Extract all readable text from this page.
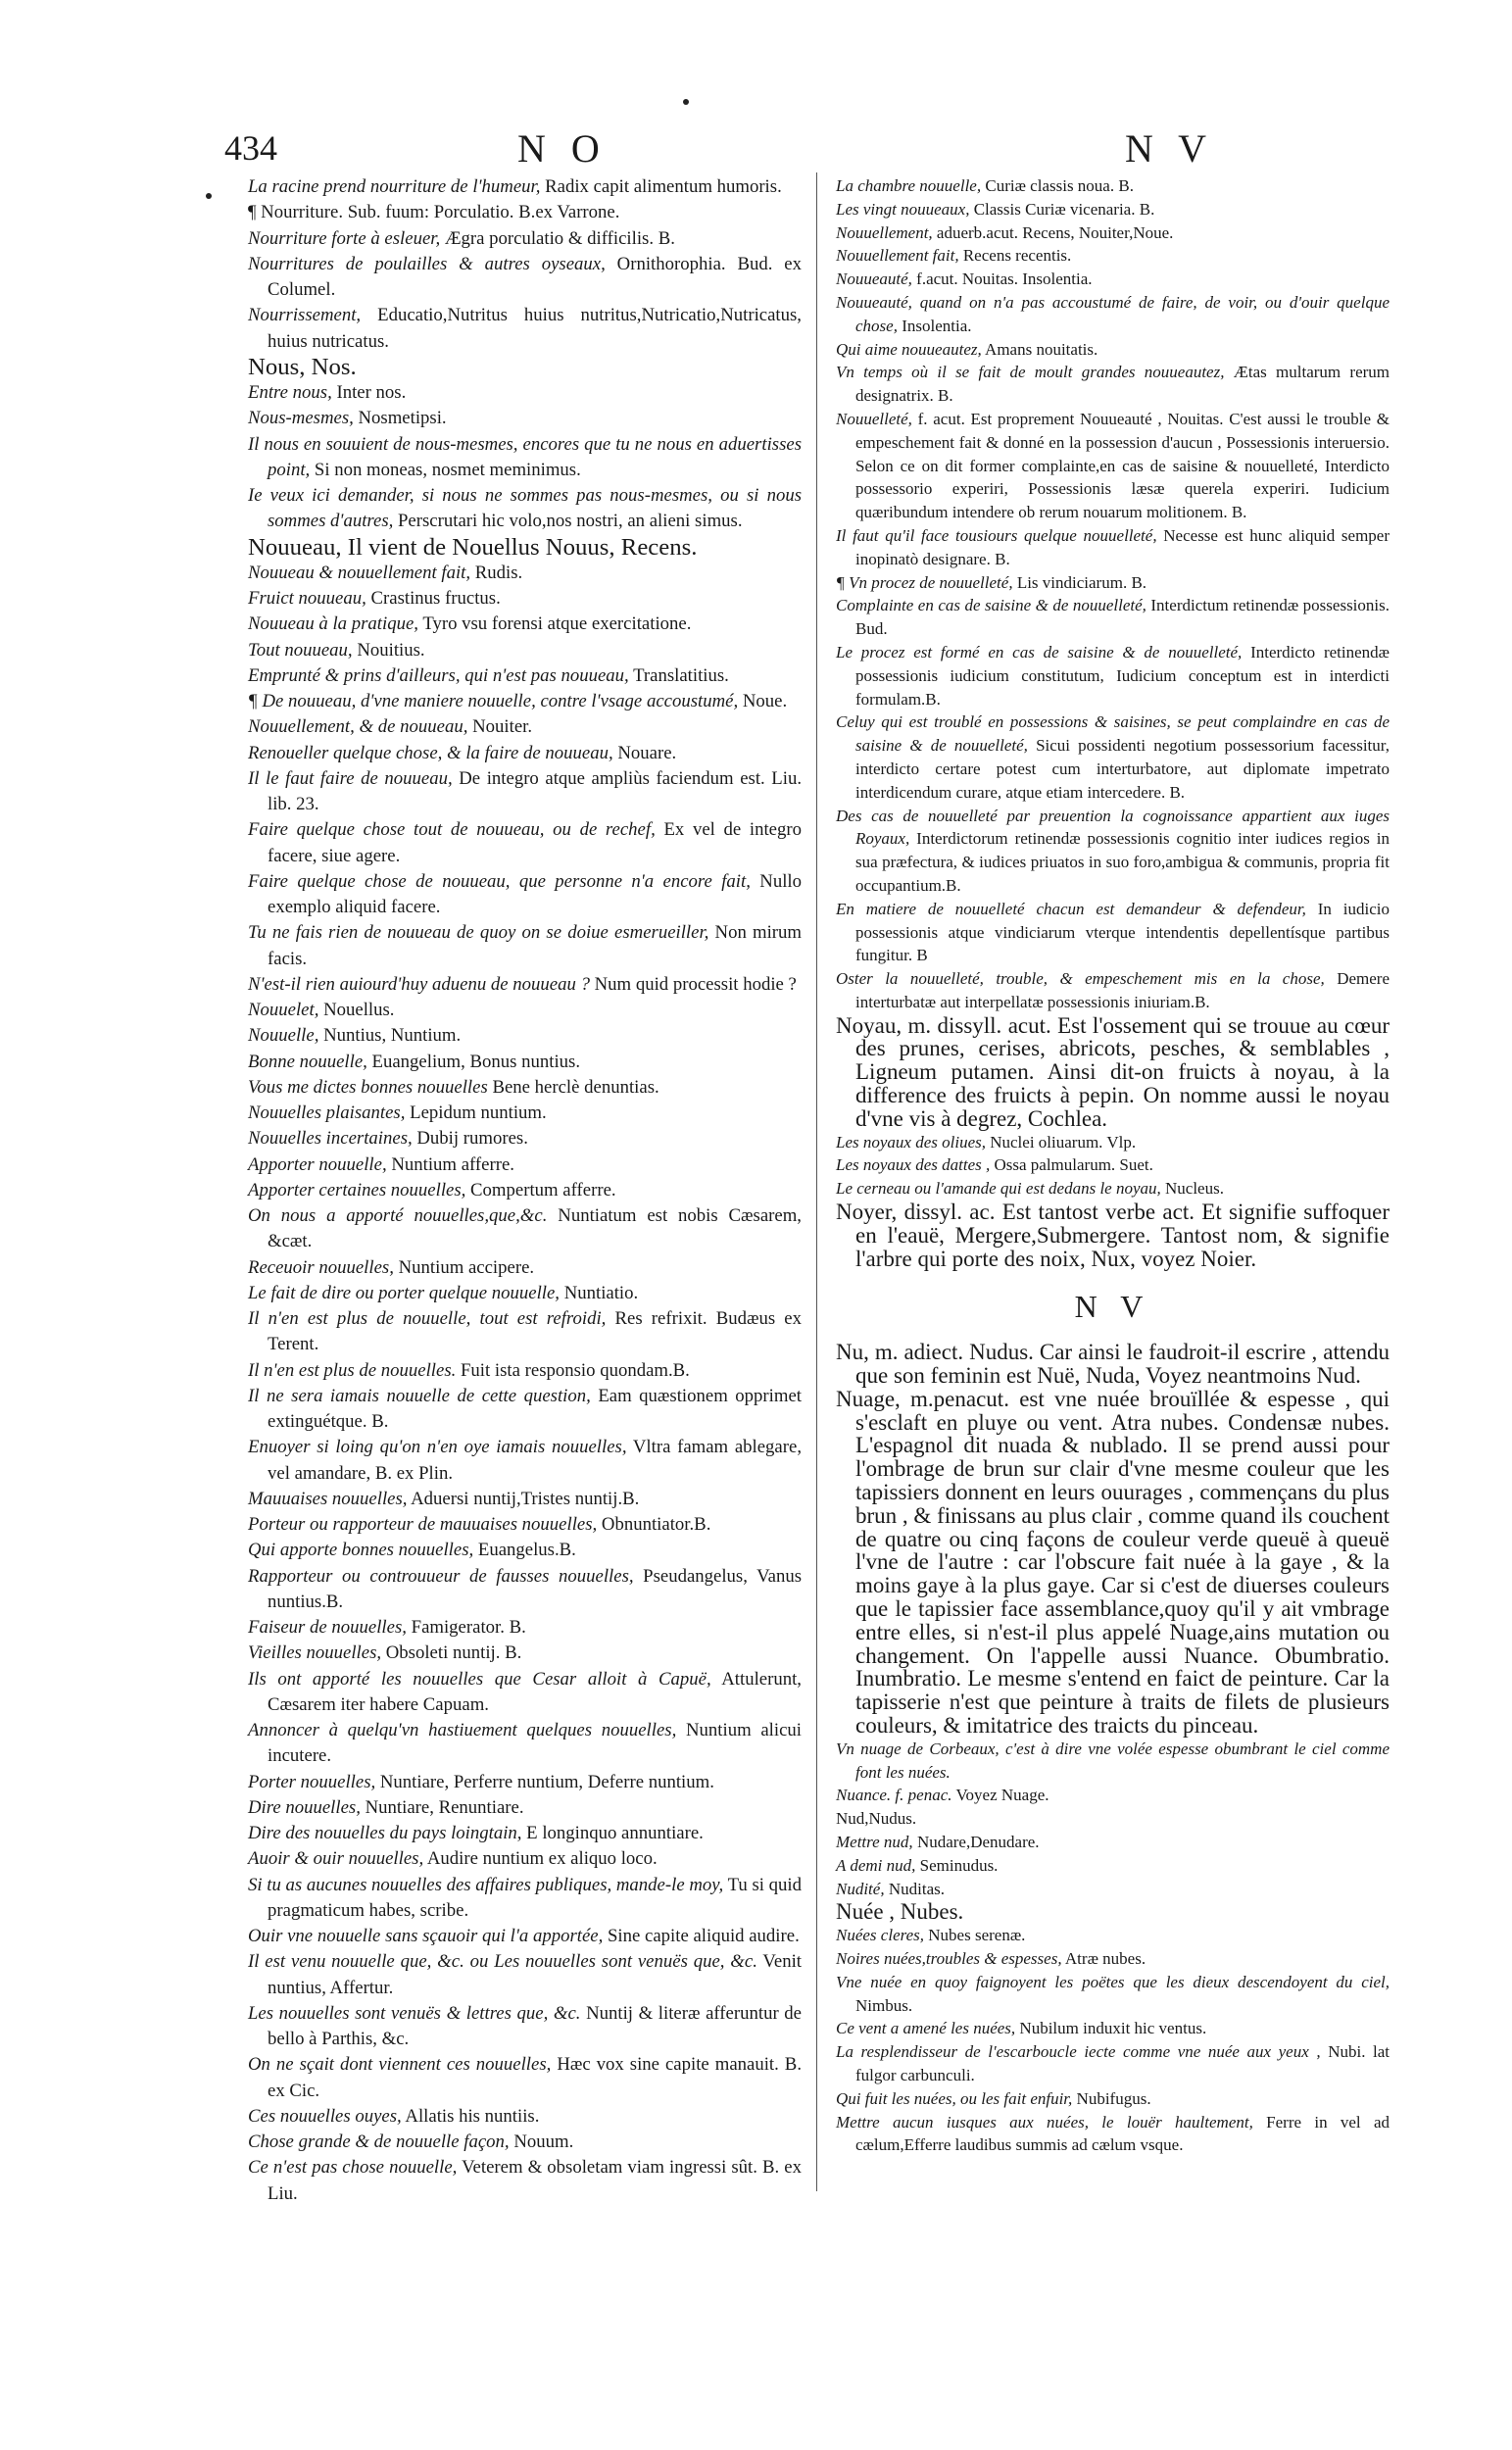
434	N O	N V

La racine prend nourriture de l'humeur, Radix capit alimentum humoris.

¶ Nourriture. Sub. fuum: Porculatio. B.ex Varrone.

Nourriture forte à esleuer, Ægra porculatio & difficilis. B.

Nourritures de poulailles & autres oyseaux, Ornithorophia. Bud. ex Columel.

Nourrissement, Educatio,Nutritus huius nutritus,Nutricatio,Nutricatus, huius nutricatus.

Nous, Nos.

Entre nous, Inter nos.

Nous-mesmes, Nosmetipsi.

Il nous en souuient de nous-mesmes, encores que tu ne nous en aduertisses point, Si non moneas, nosmet meminimus.

Ie veux ici demander, si nous ne sommes pas nous-mesmes, ou si nous sommes d'autres, Perscrutari hic volo,nos nostri, an alieni simus.

Nouueau, Il vient de Nouellus Nouus, Recens.

Nouueau & nouuellement fait, Rudis.

Fruict nouueau, Crastinus fructus.

Nouueau à la pratique, Tyro vsu forensi atque exercitatione.

Tout nouueau, Nouitius.

Emprunté & prins d'ailleurs, qui n'est pas nouueau, Translatitius.

¶ De nouueau, d'vne maniere nouuelle, contre l'vsage accoustumé, Noue.

Nouuellement, & de nouueau, Nouiter.

Renoueller quelque chose, & la faire de nouueau, Nouare.

Il le faut faire de nouueau, De integro atque ampliùs faciendum est. Liu. lib. 23.

Faire quelque chose tout de nouueau, ou de rechef, Ex vel de integro facere, siue agere.

Faire quelque chose de nouueau, que personne n'a encore fait, Nullo exemplo aliquid facere.

Tu ne fais rien de nouueau de quoy on se doiue esmerueiller, Non mirum facis.

N'est-il rien auiourd'huy aduenu de nouueau ? Num quid processit hodie ?

Nouuelet, Nouellus.

Nouuelle, Nuntius, Nuntium.

Bonne nouuelle, Euangelium, Bonus nuntius.

Vous me dictes bonnes nouuelles Bene herclè denuntias.

Nouuelles plaisantes, Lepidum nuntium.

Nouuelles incertaines, Dubij rumores.

Apporter nouuelle, Nuntium afferre.

Apporter certaines nouuelles, Compertum afferre.

On nous a apporté nouuelles,que,&c. Nuntiatum est nobis Cæsarem, &cæt.

Receuoir nouuelles, Nuntium accipere.

Le fait de dire ou porter quelque nouuelle, Nuntiatio.

Il n'en est plus de nouuelle, tout est refroidi, Res refrixit. Budæus ex Terent.

Il n'en est plus de nouuelles. Fuit ista responsio quondam.B.

Il ne sera iamais nouuelle de cette question, Eam quæstionem opprimet extinguétque. B.

Enuoyer si loing qu'on n'en oye iamais nouuelles, Vltra famam ablegare, vel amandare, B. ex Plin.

Mauuaises nouuelles, Aduersi nuntij,Tristes nuntij.B.

Porteur ou rapporteur de mauuaises nouuelles, Obnuntiator.B.

Qui apporte bonnes nouuelles, Euangelus.B.

Rapporteur ou controuueur de fausses nouuelles, Pseudangelus, Vanus nuntius.B.

Faiseur de nouuelles, Famigerator. B.

Vieilles nouuelles, Obsoleti nuntij. B.

Ils ont apporté les nouuelles que Cesar alloit à Capuë, Attulerunt, Cæsarem iter habere Capuam.

Annoncer à quelqu'vn hastiuement quelques nouuelles, Nuntium alicui incutere.

Porter nouuelles, Nuntiare, Perferre nuntium, Deferre nuntium.

Dire nouuelles, Nuntiare, Renuntiare.

Dire des nouuelles du pays loingtain, E longinquo annuntiare.

Auoir & ouir nouuelles, Audire nuntium ex aliquo loco.

Si tu as aucunes nouuelles des affaires publiques, mande-le moy, Tu si quid pragmaticum habes, scribe.

Ouir vne nouuelle sans sçauoir qui l'a apportée, Sine capite aliquid audire.

Il est venu nouuelle que, &c. ou Les nouuelles sont venuës que, &c. Venit nuntius, Affertur.

Les nouuelles sont venuës & lettres que, &c. Nuntij & literæ afferuntur de bello à Parthis, &c.

On ne sçait dont viennent ces nouuelles, Hæc vox sine capite manauit. B. ex Cic.

Ces nouuelles ouyes, Allatis his nuntiis.

Chose grande & de nouuelle façon, Nouum.

Ce n'est pas chose nouuelle, Veterem & obsoletam viam ingressi sût. B. ex Liu.

La chambre nouuelle, Curiæ classis noua. B.

Les vingt nouueaux, Classis Curiæ vicenaria. B.

Nouuellement, aduerb.acut. Recens, Nouiter,Noue.

Nouuellement fait, Recens recentis.

Nouueauté, f.acut. Nouitas. Insolentia.

Nouueauté, quand on n'a pas accoustumé de faire, de voir, ou d'ouir quelque chose, Insolentia.

Qui aime nouueautez, Amans nouitatis.

Vn temps où il se fait de moult grandes nouueautez, Ætas multarum rerum designatrix. B.

Nouuelleté, f. acut. Est proprement Nouueauté , Nouitas. C'est aussi le trouble & empeschement fait & donné en la possession d'aucun , Possessionis interuersio. Selon ce on dit former complainte,en cas de saisine & nouuelleté, Interdicto possessorio experiri, Possessionis læsæ querela experiri. Iudicium quæribundum intendere ob rerum nouarum molitionem. B.

Il faut qu'il face tousiours quelque nouuelleté, Necesse est hunc aliquid semper inopinatò designare. B.

¶ Vn procez de nouuelleté, Lis vindiciarum. B.

Complainte en cas de saisine & de nouuelleté, Interdictum retinendæ possessionis. Bud.

Le procez est formé en cas de saisine & de nouuelleté, Interdicto retinendæ possessionis iudicium constitutum, Iudicium conceptum est in interdicti formulam.B.

Celuy qui est troublé en possessions & saisines, se peut complaindre en cas de saisine & de nouuelleté, Sicui possidenti negotium possessorium facessitur, interdicto certare potest cum interturbatore, aut diplomate impetrato interdicendum curare, atque etiam intercedere. B.

Des cas de nouuelleté par preuention la cognoissance appartient aux iuges Royaux, Interdictorum retinendæ possessionis cognitio inter iudices regios in sua præfectura, & iudices priuatos in suo foro,ambigua & communis, propria fit occupantium.B.

En matiere de nouuelleté chacun est demandeur & defendeur, In iudicio possessionis atque vindiciarum vterque intendentis depellentísque partibus fungitur. B

Oster la nouuelleté, trouble, & empeschement mis en la chose, Demere interturbatæ aut interpellatæ possessionis iniuriam.B.

Noyau, m. dissyll. acut. Est l'ossement qui se trouue au cœur des prunes, cerises, abricots, pesches, & semblables , Ligneum putamen. Ainsi dit-on fruicts à noyau, à la difference des fruicts à pepin. On nomme aussi le noyau d'vne vis à degrez, Cochlea.

Les noyaux des oliues, Nuclei oliuarum. Vlp.

Les noyaux des dattes , Ossa palmularum. Suet.

Le cerneau ou l'amande qui est dedans le noyau, Nucleus.

Noyer, dissyl. ac. Est tantost verbe act. Et signifie suffoquer en l'eauë, Mergere,Submergere. Tantost nom, & signifie l'arbre qui porte des noix, Nux, voyez Noier.

N V

Nu, m. adiect. Nudus. Car ainsi le faudroit-il escrire , attendu que son feminin est Nuë, Nuda, Voyez neantmoins Nud.

Nuage, m.penacut. est vne nuée brouïllée & espesse , qui s'esclaft en pluye ou vent. Atra nubes. Condensæ nubes. L'espagnol dit nuada & nublado. Il se prend aussi pour l'ombrage de brun sur clair d'vne mesme couleur que les tapissiers donnent en leurs ouurages , commençans du plus brun , & finissans au plus clair , comme quand ils couchent de quatre ou cinq façons de couleur verde queuë à queuë l'vne de l'autre : car l'obscure fait nuée à la gaye , & la moins gaye à la plus gaye. Car si c'est de diuerses couleurs que le tapissier face assemblance,quoy qu'il y ait vmbrage entre elles, si n'est-il plus appelé Nuage,ains mutation ou changement. On l'appelle aussi Nuance. Obumbratio. Inumbratio. Le mesme s'entend en faict de peinture. Car la tapisserie n'est que peinture à traits de filets de plusieurs couleurs, & imitatrice des traicts du pinceau.

Vn nuage de Corbeaux, c'est à dire vne volée espesse obumbrant le ciel comme font les nuées.

Nuance. f. penac. Voyez Nuage.

Nud,Nudus.

Mettre nud, Nudare,Denudare.

A demi nud, Seminudus.

Nudité, Nuditas.

Nuée , Nubes.

Nuées cleres, Nubes serenæ.

Noires nuées,troubles & espesses, Atræ nubes.

Vne nuée en quoy faignoyent les poëtes que les dieux descendoyent du ciel, Nimbus.

Ce vent a amené les nuées, Nubilum induxit hic ventus.

La resplendisseur de l'escarboucle iecte comme vne nuée aux yeux , Nubi. lat fulgor carbunculi.

Qui fuit les nuées, ou les fait enfuir, Nubifugus.

Mettre aucun iusques aux nuées, le louër haultement, Ferre in vel ad cælum,Efferre laudibus summis ad cælum vsque.
